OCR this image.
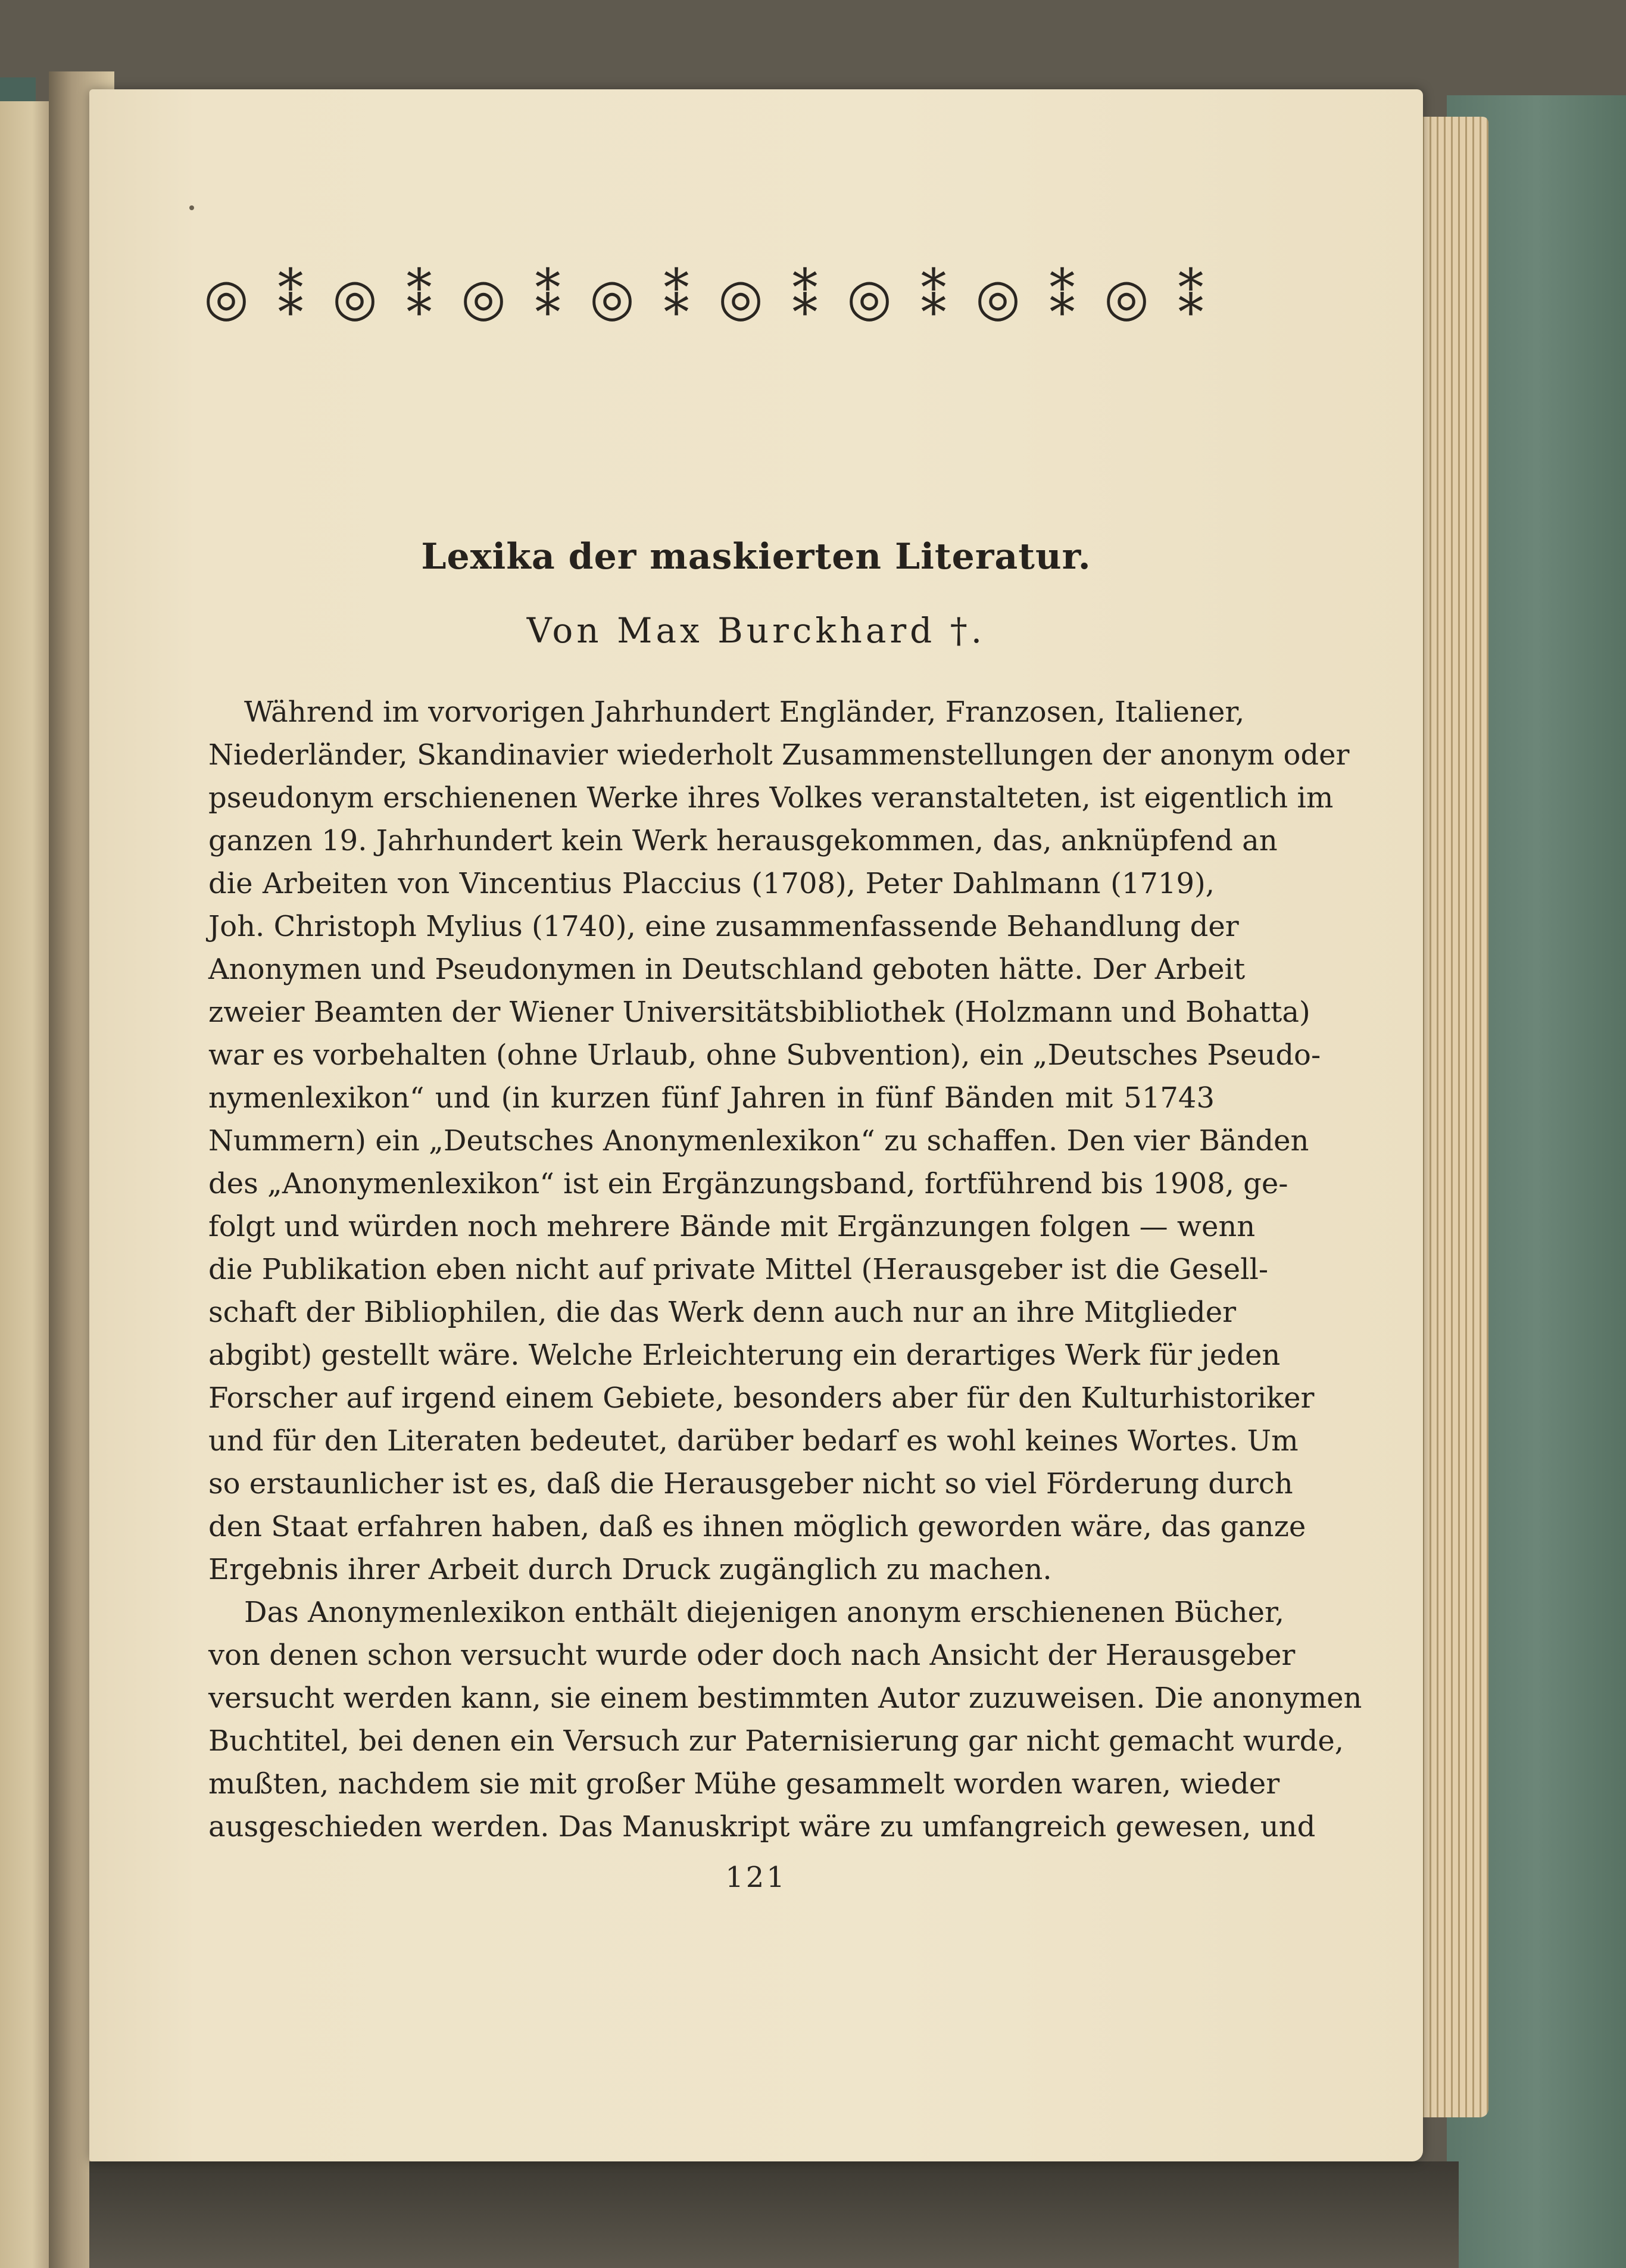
◎ ⁑ ◎ ⁑ ◎ ⁑ ◎ ⁑ ◎ ⁑ ◎ ⁑ ◎ ⁑ ◎ ⁑
Lexika der maskierten Literatur.
Von Max Burckhard †.
Während im vorvorigen Jahrhundert Engländer, Franzosen, Italiener,
Niederländer, Skandinavier wiederholt Zusammenstellungen der anonym oder
pseudonym erschienenen Werke ihres Volkes veranstalteten, ist eigentlich im
ganzen 19. Jahrhundert kein Werk herausgekommen, das, anknüpfend an
die Arbeiten von Vincentius Placcius (1708), Peter Dahlmann (1719),
Joh. Christoph Mylius (1740), eine zusammenfassende Behandlung der
Anonymen und Pseudonymen in Deutschland geboten hätte. Der Arbeit
zweier Beamten der Wiener Universitätsbibliothek (Holzmann und Bohatta)
war es vorbehalten (ohne Urlaub, ohne Subvention), ein „Deutsches Pseudo-
nymenlexikon“ und (in kurzen fünf Jahren in fünf Bänden mit 51743
Nummern) ein „Deutsches Anonymenlexikon“ zu schaffen. Den vier Bänden
des „Anonymenlexikon“ ist ein Ergänzungsband, fortführend bis 1908, ge-
folgt und würden noch mehrere Bände mit Ergänzungen folgen — wenn
die Publikation eben nicht auf private Mittel (Herausgeber ist die Gesell-
schaft der Bibliophilen, die das Werk denn auch nur an ihre Mitglieder
abgibt) gestellt wäre. Welche Erleichterung ein derartiges Werk für jeden
Forscher auf irgend einem Gebiete, besonders aber für den Kulturhistoriker
und für den Literaten bedeutet, darüber bedarf es wohl keines Wortes. Um
so erstaunlicher ist es, daß die Herausgeber nicht so viel Förderung durch
den Staat erfahren haben, daß es ihnen möglich geworden wäre, das ganze
Ergebnis ihrer Arbeit durch Druck zugänglich zu machen.
Das Anonymenlexikon enthält diejenigen anonym erschienenen Bücher,
von denen schon versucht wurde oder doch nach Ansicht der Herausgeber
versucht werden kann, sie einem bestimmten Autor zuzuweisen. Die anonymen
Buchtitel, bei denen ein Versuch zur Paternisierung gar nicht gemacht wurde,
mußten, nachdem sie mit großer Mühe gesammelt worden waren, wieder
ausgeschieden werden. Das Manuskript wäre zu umfangreich gewesen, und
121
